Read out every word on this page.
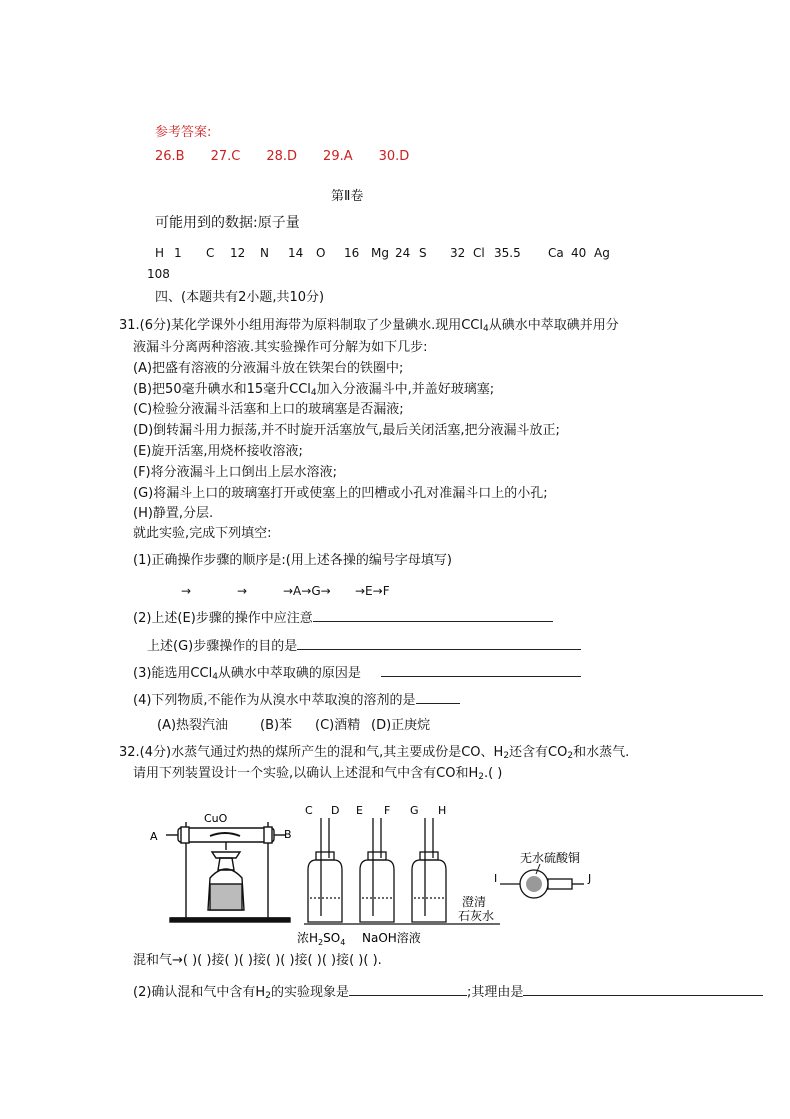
参考答案:
26.B 27.C 28.D 29.A 30.D
第Ⅱ卷
可能用到的数据:原子量
H 1 C 12 N 14 O 16 Mg 24 S 32 Cl 35.5 Ca 40 Ag
108
四、(本题共有2小题,共10分)
31.(6分)某化学课外小组用海带为原料制取了少量碘水.现用CCl$_4$从碘水中萃取碘并用分
液漏斗分离两种溶液.其实验操作可分解为如下几步:
(A)把盛有溶液的分液漏斗放在铁架台的铁圈中;
(B)把50毫升碘水和15毫升CCl$_4$加入分液漏斗中,并盖好玻璃塞;
(C)检验分液漏斗活塞和上口的玻璃塞是否漏液;
(D)倒转漏斗用力振荡,并不时旋开活塞放气,最后关闭活塞,把分液漏斗放正;
(E)旋开活塞,用烧杯接收溶液;
(F)将分液漏斗上口倒出上层水溶液;
(G)将漏斗上口的玻璃塞打开或使塞上的凹槽或小孔对准漏斗口上的小孔;
(H)静置,分层.
就此实验,完成下列填空:
(1)正确操作步骤的顺序是:(用上述各操的编号字母填写)
→	→	→A→G→ →E→F
(2)上述(E)步骤的操作中应注意
上述(G)步骤操作的目的是
(3)能选用CCl$_4$从碘水中萃取碘的原因是
(4)下列物质,不能作为从溴水中萃取溴的溶剂的是
(A)热裂汽油 (B)苯 (C)酒精 (D)正庚烷
32.(4分)水蒸气通过灼热的煤所产生的混和气,其主要成份是CO、$H_2$还含有$CO_2$和水蒸气.
请用下列装置设计一个实验,以确认上述混和气中含有CO和$H_2$.( )
CuO
A	B
C D E F G H
澄清
石灰水
浓$H_2SO_4$ NaOH溶液
无水硫酸铜
I	J
混和气→( )( )接( )( )接( )( )接( )( )接( )( ).
(2)确认混和气中含有$H_2$的实验现象是	;其理由是
